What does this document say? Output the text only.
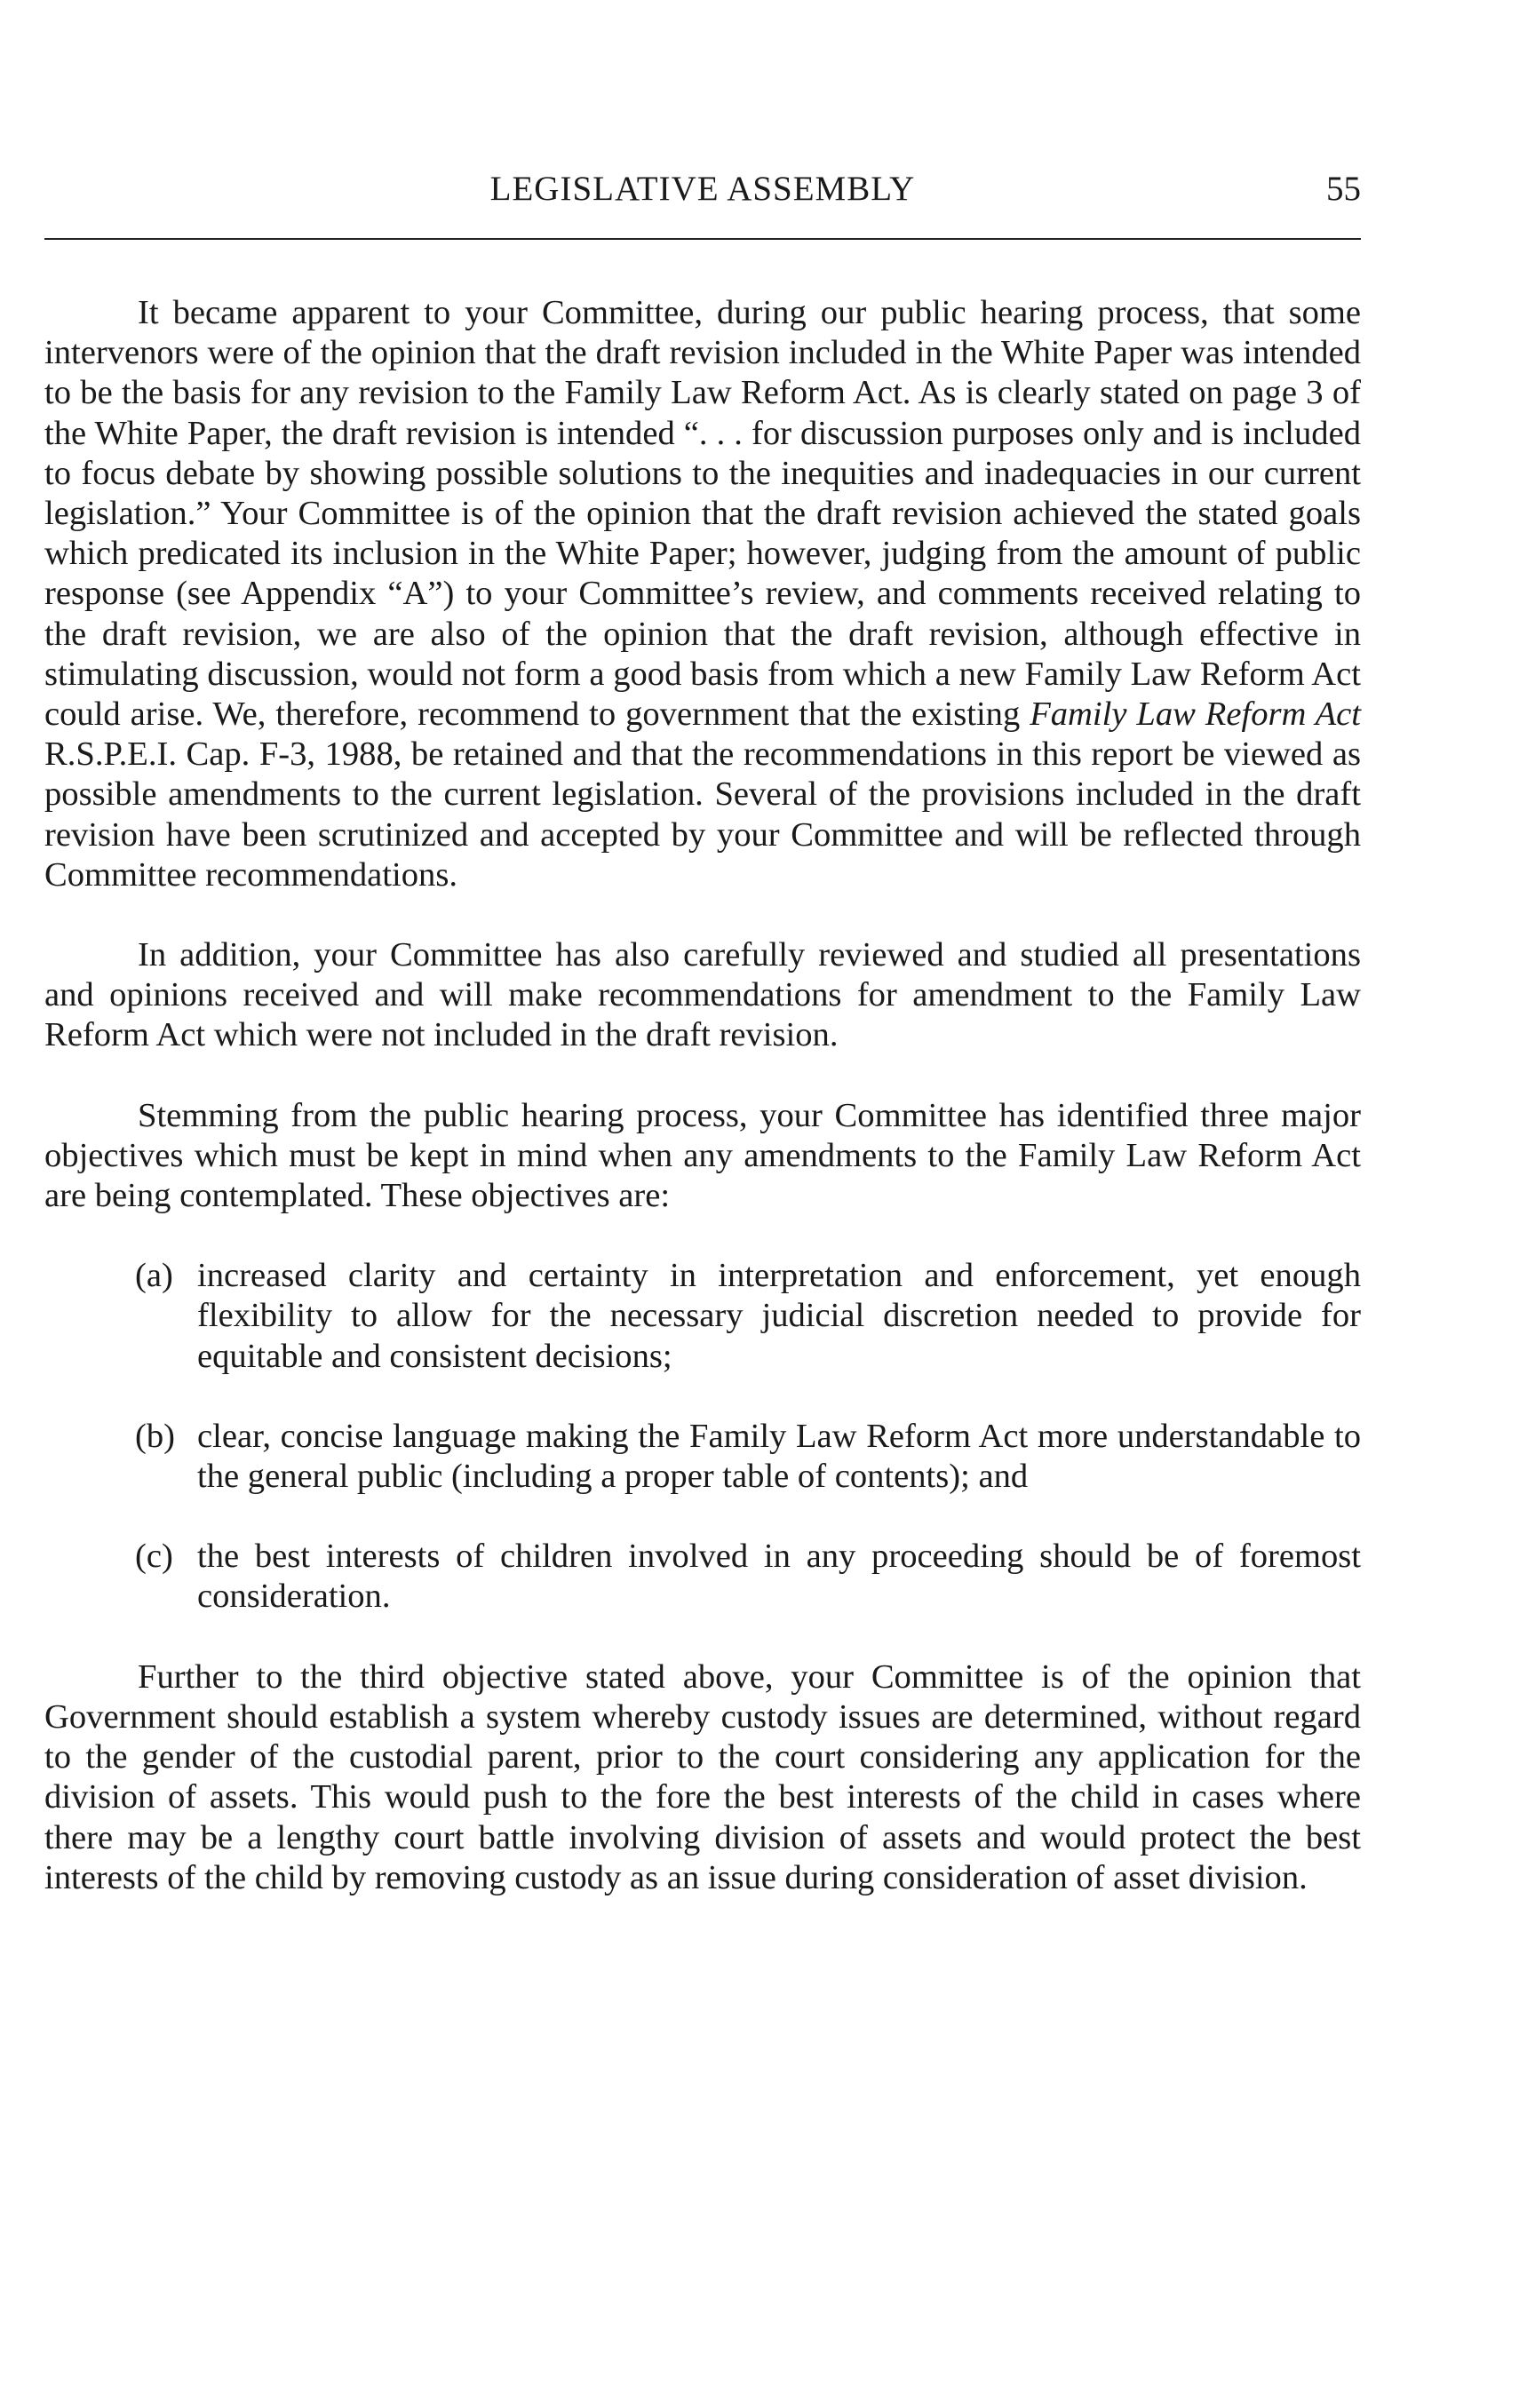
LEGISLATIVE ASSEMBLY	55

It became apparent to your Committee, during our public hearing process, that some intervenors were of the opinion that the draft revision included in the White Paper was intended to be the basis for any revision to the Family Law Reform Act. As is clearly stated on page 3 of the White Paper, the draft revision is intended “. . . for discussion purposes only and is included to focus debate by showing possible solutions to the inequities and inadequacies in our current legislation.” Your Committee is of the opinion that the draft revision achieved the stated goals which predicated its inclusion in the White Paper; however, judging from the amount of public response (see Appendix “A”) to your Committee’s review, and comments received relating to the draft revision, we are also of the opinion that the draft revision, although effective in stimulating discussion, would not form a good basis from which a new Family Law Reform Act could arise. We, therefore, recommend to government that the existing Family Law Reform Act R.S.P.E.I. Cap. F-3, 1988, be retained and that the recommendations in this report be viewed as possible amendments to the current legislation. Several of the provisions included in the draft revision have been scrutinized and accepted by your Committee and will be reflected through Committee recommendations.

In addition, your Committee has also carefully reviewed and studied all presentations and opinions received and will make recommendations for amendment to the Family Law Reform Act which were not included in the draft revision.

Stemming from the public hearing process, your Committee has identified three major objectives which must be kept in mind when any amendments to the Family Law Reform Act are being contemplated. These objectives are:

(a) increased clarity and certainty in interpretation and enforcement, yet enough flexibility to allow for the necessary judicial discretion needed to provide for equitable and consistent decisions;
(b) clear, concise language making the Family Law Reform Act more understandable to the general public (including a proper table of contents); and
(c) the best interests of children involved in any proceeding should be of foremost consideration.

Further to the third objective stated above, your Committee is of the opinion that Government should establish a system whereby custody issues are determined, without regard to the gender of the custodial parent, prior to the court considering any application for the division of assets. This would push to the fore the best interests of the child in cases where there may be a lengthy court battle involving division of assets and would protect the best interests of the child by removing custody as an issue during consideration of asset division.
